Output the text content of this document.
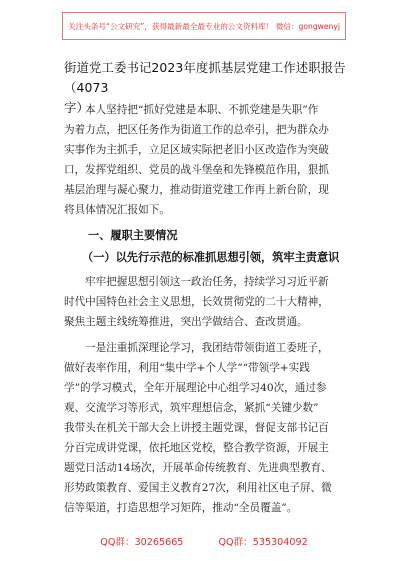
关注头条号“公文研究”，获得最新最全最专业的公文资料库！ 微信：gongwenyj
街道党工委书记2023年度抓基层党建工作述职报告（4073
字）
本人坚持把“抓好党建是本职、不抓党建是失职”作
为着力点，把区任务作为街道工作的总牵引，把为群众办
实事作为主抓手，立足区域实际把老旧小区改造作为突破
口，发挥党组织、党员的战斗堡垒和先锋模范作用，狠抓
基层治理与凝心聚力，推动街道党建工作再上新台阶，现
将具体情况汇报如下。
一、履职主要情况
（一）以先行示范的标准抓思想引领，筑牢主责意识
牢牢把握思想引领这一政治任务，持续学习习近平新
时代中国特色社会主义思想，长效贯彻党的二十大精神，
聚焦主题主线统筹推进，突出学做结合、查改贯通。
一是注重抓深理论学习，我团结带领街道工委班子，
做好表率作用，利用“集中学+个人学”“带领学+实践
学”的学习模式，全年开展理论中心组学习40次，通过参
观、交流学习等形式，筑牢理想信念，紧抓“关键少数”
我带头在机关干部大会上讲授主题党课，督促支部书记百
分百完成讲党课，依托地区党校，整合教学资源，开展主
题党日活动14场次，开展革命传统教育、先进典型教育、
形势政策教育、爱国主义教育27次，利用社区电子屏、微
信等渠道，打造思想学习矩阵，推动“全员覆盖”。
QQ群：30265665	QQ群：535304092
